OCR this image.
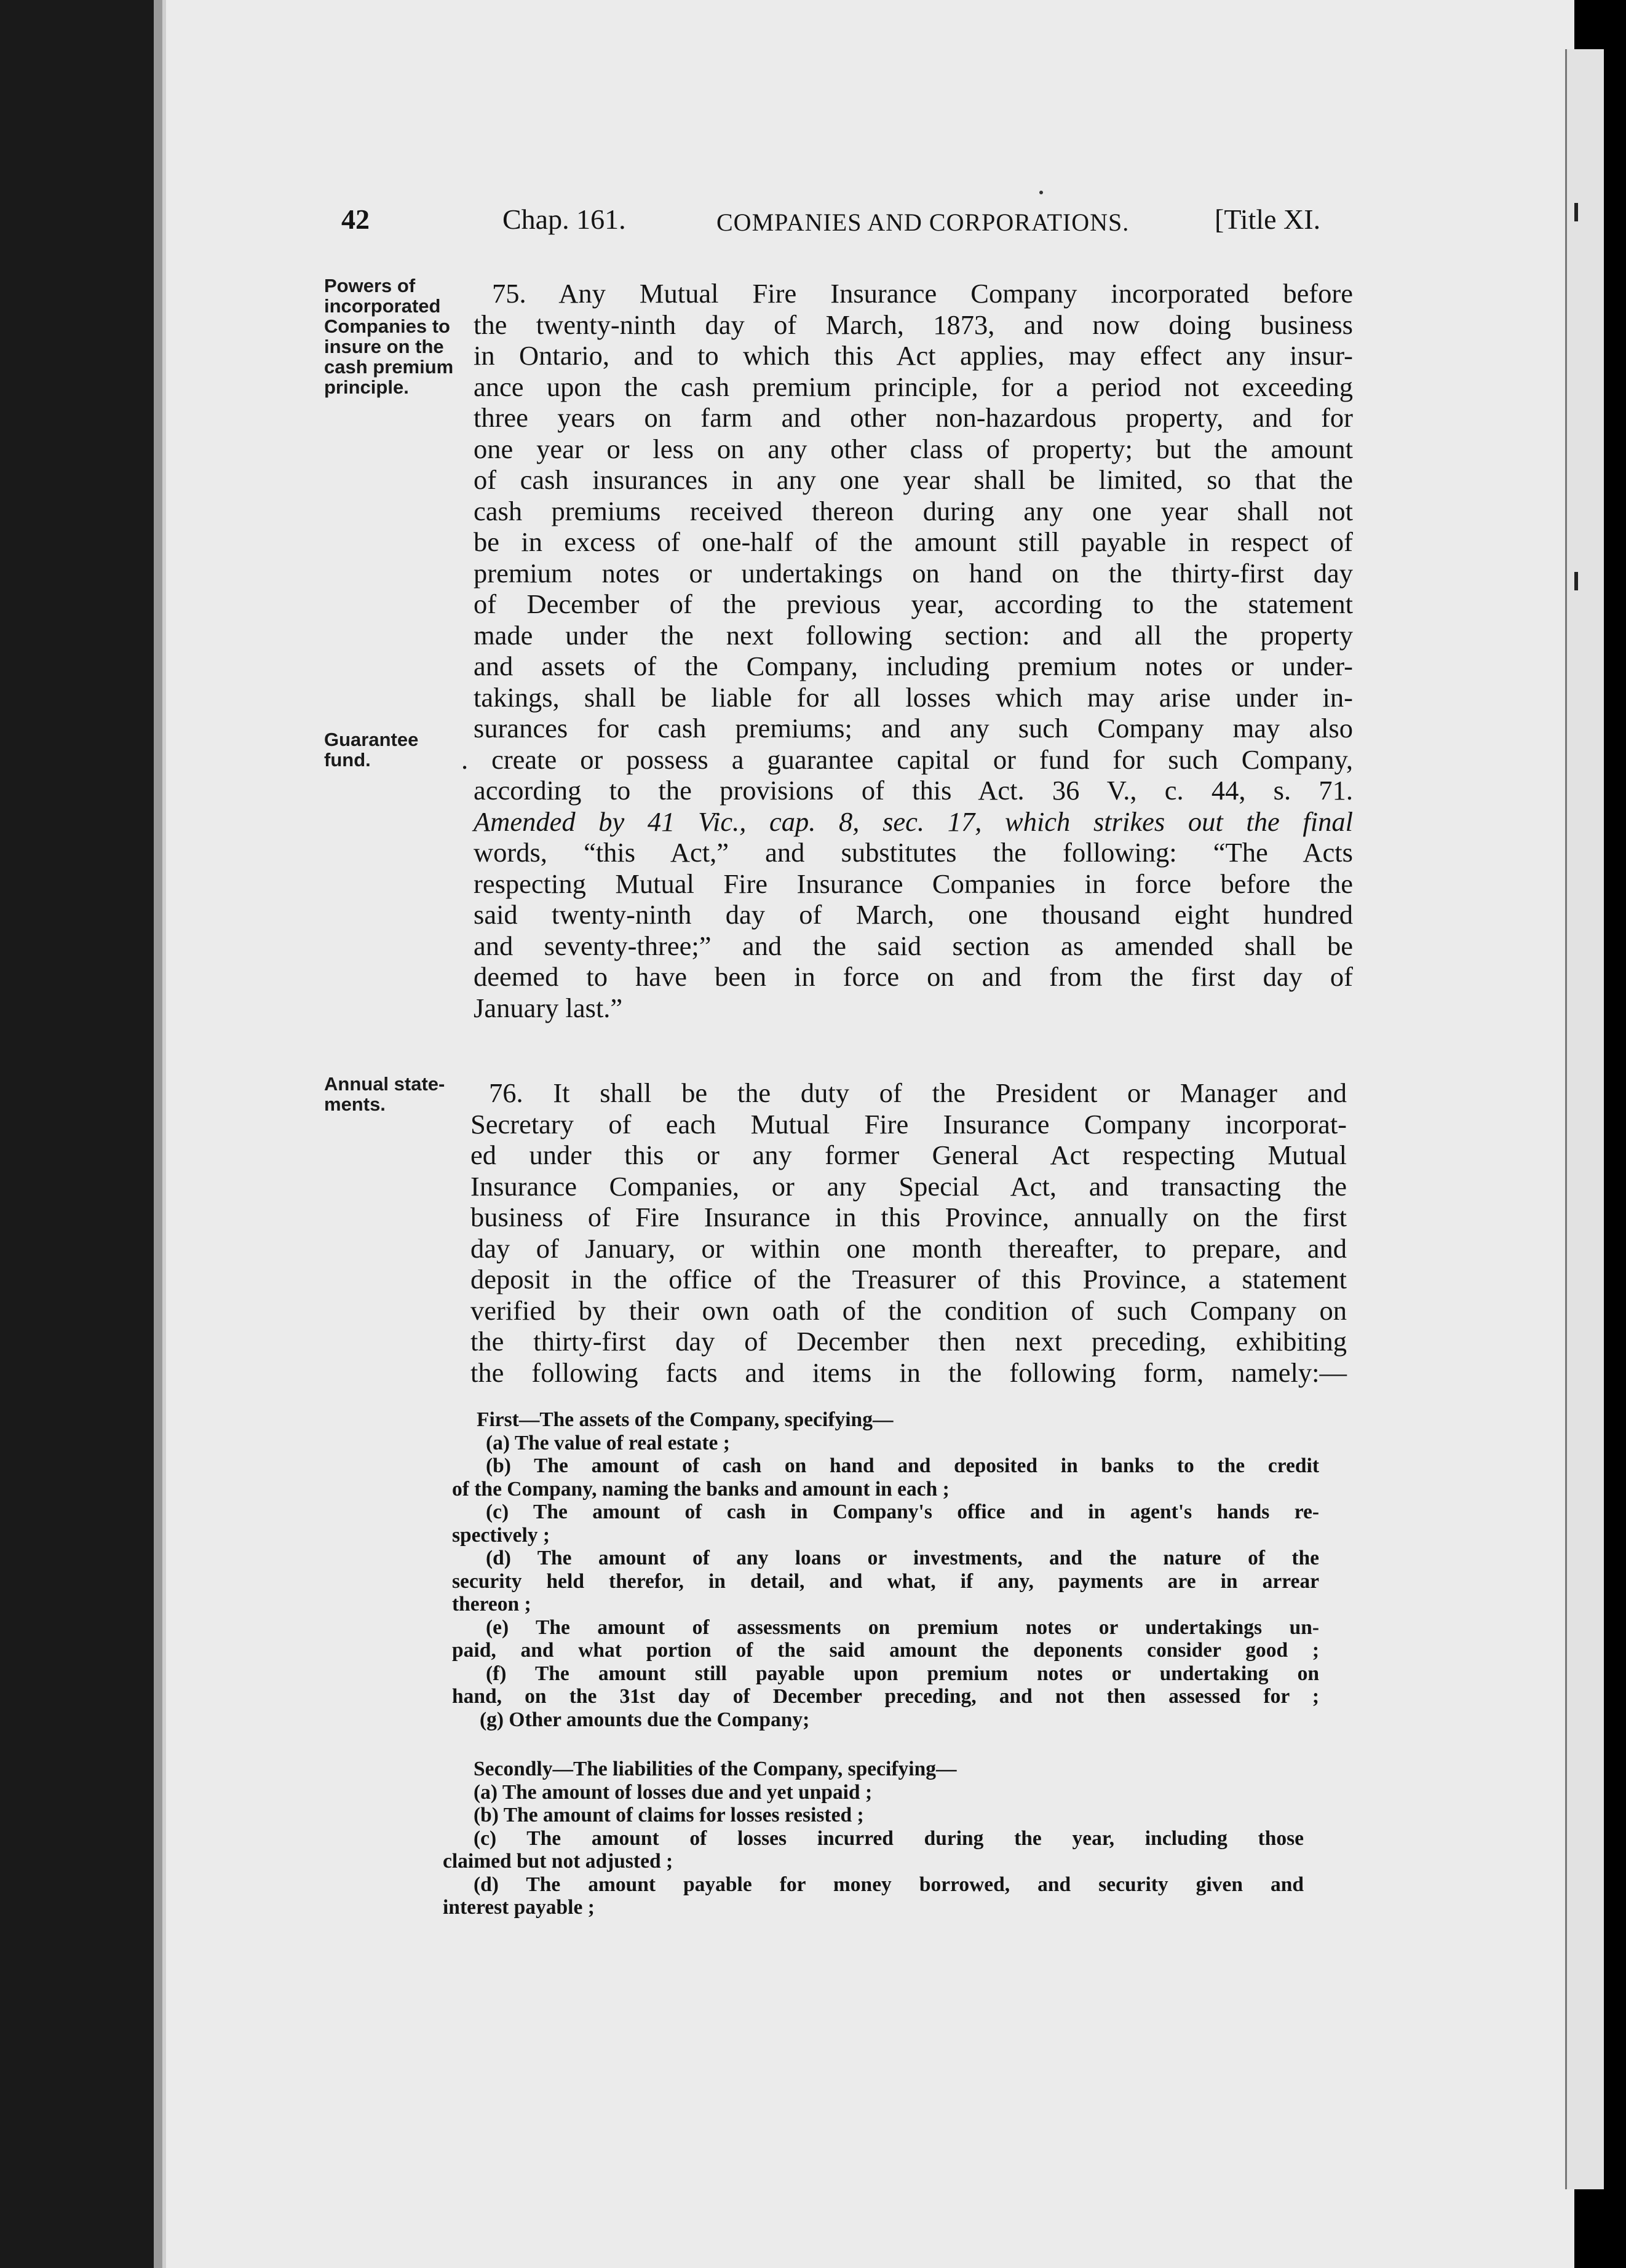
42	Chap. 161.	COMPANIES AND CORPORATIONS.	[Title XI.
Powers of
incorporated
Companies to
insure on the
cash premium
principle.
Guarantee
fund.
Annual state-
ments.
75. Any Mutual Fire Insurance Company incorporated before
the twenty-ninth day of March, 1873, and now doing business
in Ontario, and to which this Act applies, may effect any insur-
ance upon the cash premium principle, for a period not exceeding
three years on farm and other non-hazardous property, and for
one year or less on any other class of property; but the amount
of cash insurances in any one year shall be limited, so that the
cash premiums received thereon during any one year shall not
be in excess of one-half of the amount still payable in respect of
premium notes or undertakings on hand on the thirty-first day
of December of the previous year, according to the statement
made under the next following section: and all the property
and assets of the Company, including premium notes or under-
takings, shall be liable for all losses which may arise under in-
surances for cash premiums; and any such Company may also
. create or possess a guarantee capital or fund for such Company,
according to the provisions of this Act. 36 V., c. 44, s. 71.
Amended by 41 Vic., cap. 8, sec. 17, which strikes out the final
words, “this Act,” and substitutes the following: “The Acts
respecting Mutual Fire Insurance Companies in force before the
said twenty-ninth day of March, one thousand eight hundred
and seventy-three;” and the said section as amended shall be
deemed to have been in force on and from the first day of
January last.”
76. It shall be the duty of the President or Manager and
Secretary of each Mutual Fire Insurance Company incorporat-
ed under this or any former General Act respecting Mutual
Insurance Companies, or any Special Act, and transacting the
business of Fire Insurance in this Province, annually on the first
day of January, or within one month thereafter, to prepare, and
deposit in the office of the Treasurer of this Province, a statement
verified by their own oath of the condition of such Company on
the thirty-first day of December then next preceding, exhibiting
the following facts and items in the following form, namely:—
First—The assets of the Company, specifying—
(a) The value of real estate ;
(b) The amount of cash on hand and deposited in banks to the credit
of the Company, naming the banks and amount in each ;
(c) The amount of cash in Company's office and in agent's hands re-
spectively ;
(d) The amount of any loans or investments, and the nature of the
security held therefor, in detail, and what, if any, payments are in arrear
thereon ;
(e) The amount of assessments on premium notes or undertakings un-
paid, and what portion of the said amount the deponents consider good ;
(f) The amount still payable upon premium notes or undertaking on
hand, on the 31st day of December preceding, and not then assessed for ;
(g) Other amounts due the Company;
Secondly—The liabilities of the Company, specifying—
(a) The amount of losses due and yet unpaid ;
(b) The amount of claims for losses resisted ;
(c) The amount of losses incurred during the year, including those
claimed but not adjusted ;
(d) The amount payable for money borrowed, and security given and
interest payable ;
